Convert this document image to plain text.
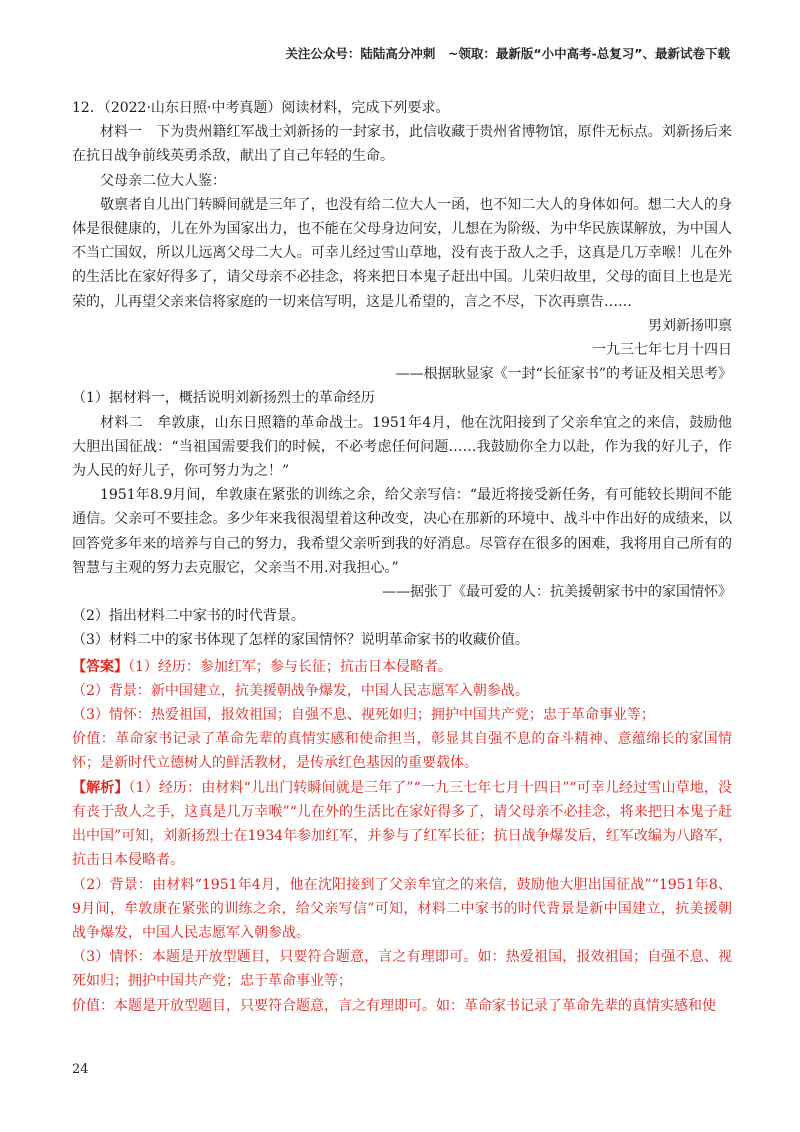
关注公众号：陆陆高分冲刺　~领取：最新版“小中高考-总复习”、最新试卷下载

12．（2022·山东日照·中考真题）阅读材料，完成下列要求。

材料一　下为贵州籍红军战士刘新扬的一封家书，此信收藏于贵州省博物馆，原件无标点。刘新扬后来在抗日战争前线英勇杀敌，献出了自己年轻的生命。

父母亲二位大人鉴：

敬禀者自儿出门转瞬间就是三年了，也没有给二位大人一函，也不知二大人的身体如何。想二大人的身体是很健康的，儿在外为国家出力，也不能在父母身边问安，儿想在为阶级、为中华民族谋解放，为中国人不当亡国奴，所以儿远离父母二大人。可幸儿经过雪山草地，没有丧于敌人之手，这真是几万幸喉！儿在外的生活比在家好得多了，请父母亲不必挂念，将来把日本鬼子赶出中国。儿荣归故里，父母的面目上也是光荣的，儿再望父亲来信将家庭的一切来信写明，这是儿希望的，言之不尽，下次再禀告……

男刘新扬叩禀

一九三七年七月十四日

——根据耿显家《一封“长征家书”的考证及相关思考》

（1）据材料一，概括说明刘新扬烈士的革命经历

材料二　牟敦康，山东日照籍的革命战士。1951年4月，他在沈阳接到了父亲牟宜之的来信，鼓励他大胆出国征战：“当祖国需要我们的时候，不必考虑任何问题……我鼓励你全力以赴，作为我的好儿子，作为人民的好儿子，你可努力为之！”

1951年8.9月间，牟敦康在紧张的训练之余，给父亲写信：“最近将接受新任务，有可能较长期间不能通信。父亲可不要挂念。多少年来我很渴望着这种改变，决心在那新的环境中、战斗中作出好的成绩来，以回答党多年来的培养与自己的努力，我希望父亲听到我的好消息。尽管存在很多的困难，我将用自己所有的智慧与主观的努力去克服它，父亲当不用.对我担心。”

——据张丁《最可爱的人：抗美援朝家书中的家国情怀》

（2）指出材料二中家书的时代背景。

（3）材料二中的家书体现了怎样的家国情怀？说明革命家书的收藏价值。

【答案】（1）经历：参加红军；参与长征；抗击日本侵略者。

（2）背景：新中国建立，抗美援朝战争爆发，中国人民志愿军入朝参战。

（3）情怀：热爱祖国，报效祖国；自强不息、视死如归；拥护中国共产党；忠于革命事业等；

价值：革命家书记录了革命先辈的真情实感和使命担当，彰显其自强不息的奋斗精神、意蕴绵长的家国情怀；是新时代立德树人的鲜活教材，是传承红色基因的重要载体。

【解析】（1）经历：由材料“儿出门转瞬间就是三年了”“一九三七年七月十四日”“可幸儿经过雪山草地，没有丧于敌人之手，这真是几万幸喉”“儿在外的生活比在家好得多了，请父母亲不必挂念，将来把日本鬼子赶出中国”可知，刘新扬烈士在1934年参加红军，并参与了红军长征；抗日战争爆发后，红军改编为八路军，抗击日本侵略者。

（2）背景：由材料“1951年4月，他在沈阳接到了父亲牟宜之的来信，鼓励他大胆出国征战”“1951年8、9月间，牟敦康在紧张的训练之余，给父亲写信”可知，材料二中家书的时代背景是新中国建立，抗美援朝战争爆发，中国人民志愿军入朝参战。

（3）情怀：本题是开放型题目，只要符合题意，言之有理即可。如：热爱祖国，报效祖国；自强不息、视死如归；拥护中国共产党；忠于革命事业等；

价值：本题是开放型题目，只要符合题意，言之有理即可。如：革命家书记录了革命先辈的真情实感和使

24
